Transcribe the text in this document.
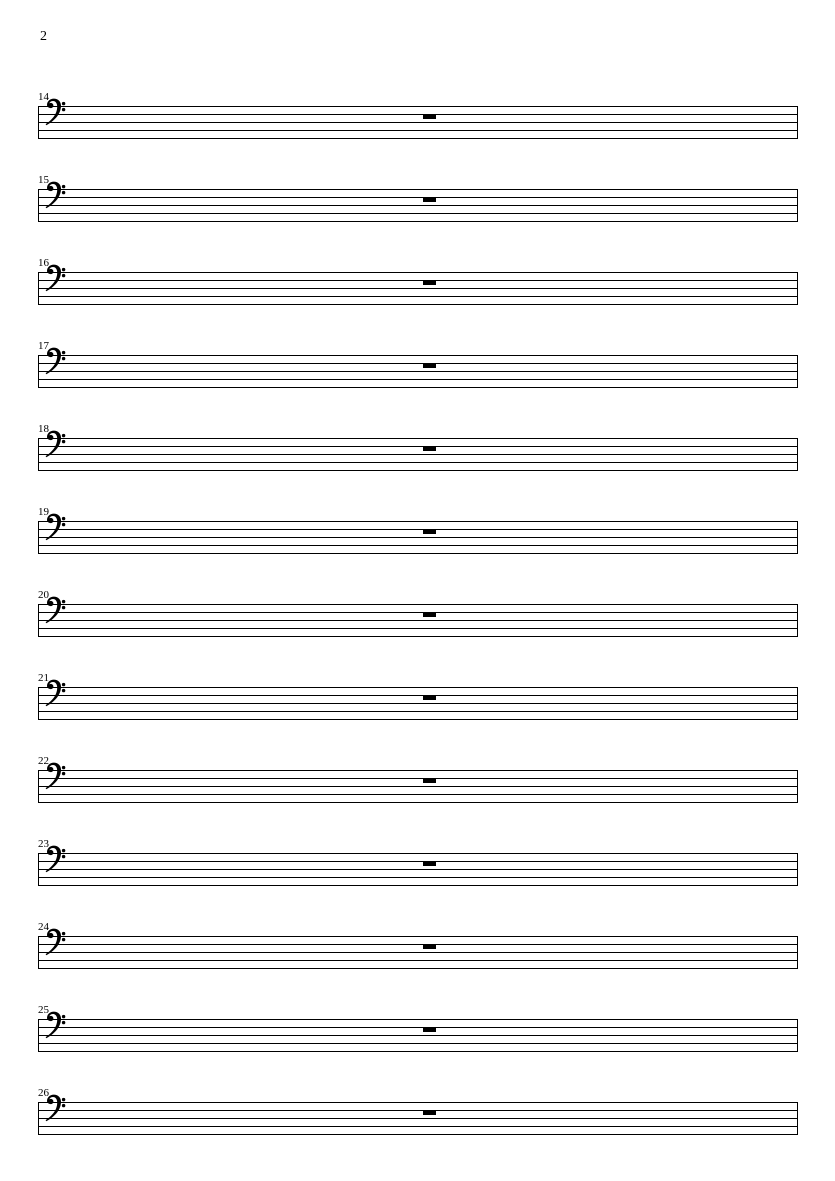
2
14
15
16
17
18
19
20
21
22
23
24
25
26
